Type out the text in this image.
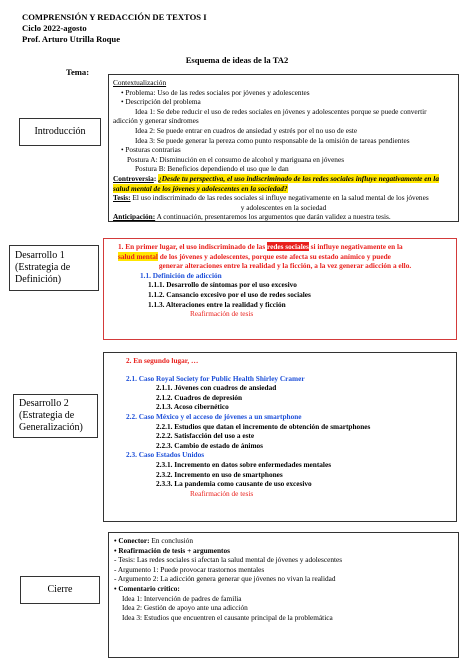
COMPRENSIÓN Y REDACCIÓN DE TEXTOS I
Ciclo 2022-agosto
Prof. Arturo Utrilla Roque
Esquema de ideas de la TA2
Tema:
Introducción
Contextualización
• Problema: Uso de las redes sociales por jóvenes y adolescentes
• Descripción del problema
Idea 1: Se debe reducir el uso de redes sociales en jóvenes y adolescentes porque se puede convertir
adicción y generar síndromes
Idea 2: Se puede entrar en cuadros de ansiedad y estrés por el no uso de este
Idea 3: Se puede generar la pereza como punto responsable de la omisión de tareas pendientes
• Posturas contrarias
Postura A: Disminución en el consumo de alcohol y mariguana en jóvenes
Postura B: Beneficios dependiendo el uso que le dan
Controversia: ¿Desde tu perspectiva, el uso indiscriminado de las redes sociales influye negativamente en la salud mental de los jóvenes y adolescentes en la sociedad?
Tesis: El uso indiscriminado de las redes sociales si influye negativamente en la salud mental de los jóvenes
y adolescentes en la sociedad
Anticipación: A continuación, presentaremos los argumentos que darán validez a nuestra tesis.
Desarrollo 1 (Estrategia de Definición)
1. En primer lugar, el uso indiscriminado de las redes sociales si influye negativamente en la
salud mental de los jóvenes y adolescentes, porque este afecta su estado anímico y puede
generar alteraciones entre la realidad y la ficción, a la vez generar adicción a ello.
1.1. Definición de adicción
1.1.1. Desarrollo de síntomas por el uso excesivo
1.1.2. Cansancio excesivo por el uso de redes sociales
1.1.3. Alteraciones entre la realidad y ficción
Reafirmación de tesis
Desarrollo 2 (Estrategia de Generalización)
2. En segundo lugar, …
2.1. Caso Royal Society for Public Health Shirley Cramer
2.1.1. Jóvenes con cuadros de ansiedad
2.1.2. Cuadros de depresión
2.1.3. Acoso cibernético
2.2. Caso México y el acceso de jóvenes a un smartphone
2.2.1. Estudios que datan el incremento de obtención de smartphones
2.2.2. Satisfacción del uso a este
2.2.3. Cambio de estado de ánimos
2.3. Caso Estados Unidos
2.3.1. Incremento en datos sobre enfermedades mentales
2.3.2. Incremento en uso de smartphones
2.3.3. La pandemia como causante de uso excesivo
Reafirmación de tesis
Cierre
• Conector: En conclusión
• Reafirmación de tesis + argumentos
- Tesis: Las redes sociales si afectan la salud mental de jóvenes y adolescentes
- Argumento 1: Puede provocar trastornos mentales
- Argumento 2: La adicción genera generar que jóvenes no vivan la realidad
• Comentario crítico:
Idea 1: Intervención de padres de familia
Idea 2: Gestión de apoyo ante una adicción
Idea 3: Estudios que encuentren el causante principal de la problemática
